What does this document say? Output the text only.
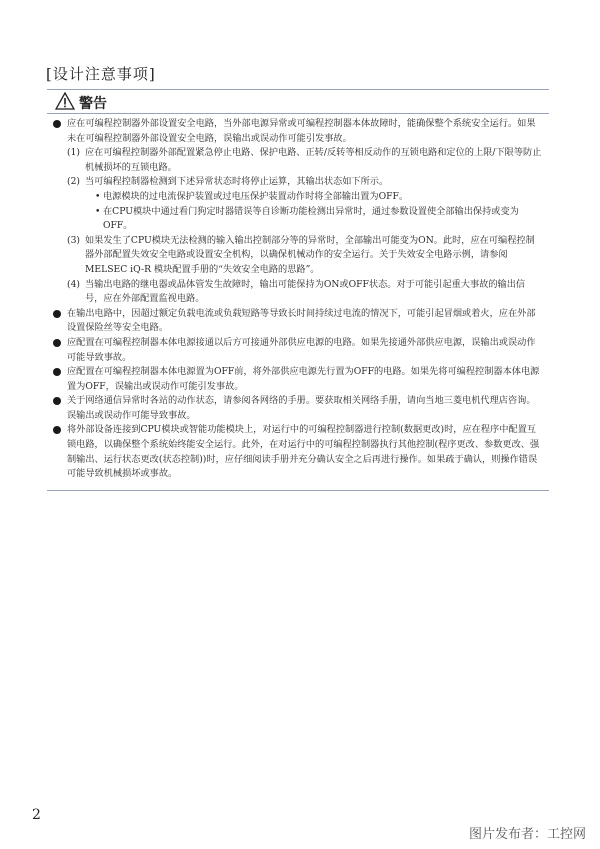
[设计注意事项]
警告
应在可编程控制器外部设置安全电路，当外部电源异常或可编程控制器本体故障时，能确保整个系统安全运行。如果未在可编程控制器外部设置安全电路，误输出或误动作可能引发事故。
(1) 应在可编程控制器外部配置紧急停止电路、保护电路、正转/反转等相反动作的互锁电路和定位的上限/下限等防止机械损坏的互锁电路。
(2) 当可编程控制器检测到下述异常状态时将停止运算，其输出状态如下所示。
• 电源模块的过电流保护装置或过电压保护装置动作时将全部输出置为OFF。
• 在CPU模块中通过看门狗定时器错误等自诊断功能检测出异常时，通过参数设置使全部输出保持或变为OFF。
(3) 如果发生了CPU模块无法检测的输入输出控制部分等的异常时，全部输出可能变为ON。此时，应在可编程控制器外部配置失效安全电路或设置安全机构，以确保机械动作的安全运行。关于失效安全电路示例，请参阅MELSEC iQ-R 模块配置手册的“失效安全电路的思路”。
(4) 当输出电路的继电器或晶体管发生故障时，输出可能保持为ON或OFF状态。对于可能引起重大事故的输出信号，应在外部配置监视电路。
在输出电路中，因超过额定负载电流或负载短路等导致长时间持续过电流的情况下，可能引起冒烟或着火，应在外部设置保险丝等安全电路。
应配置在可编程控制器本体电源接通以后方可接通外部供应电源的电路。如果先接通外部供应电源，误输出或误动作可能导致事故。
应配置在可编程控制器本体电源置为OFF前，将外部供应电源先行置为OFF的电路。如果先将可编程控制器本体电源置为OFF，误输出或误动作可能引发事故。
关于网络通信异常时各站的动作状态，请参阅各网络的手册。要获取相关网络手册，请向当地三菱电机代理店咨询。误输出或误动作可能导致事故。
将外部设备连接到CPU模块或智能功能模块上，对运行中的可编程控制器进行控制(数据更改)时，应在程序中配置互锁电路，以确保整个系统始终能安全运行。此外，在对运行中的可编程控制器执行其他控制(程序更改、参数更改、强制输出、运行状态更改(状态控制))时，应仔细阅读手册并充分确认安全之后再进行操作。如果疏于确认，则操作错误可能导致机械损坏或事故。
2
图片发布者：工控网
